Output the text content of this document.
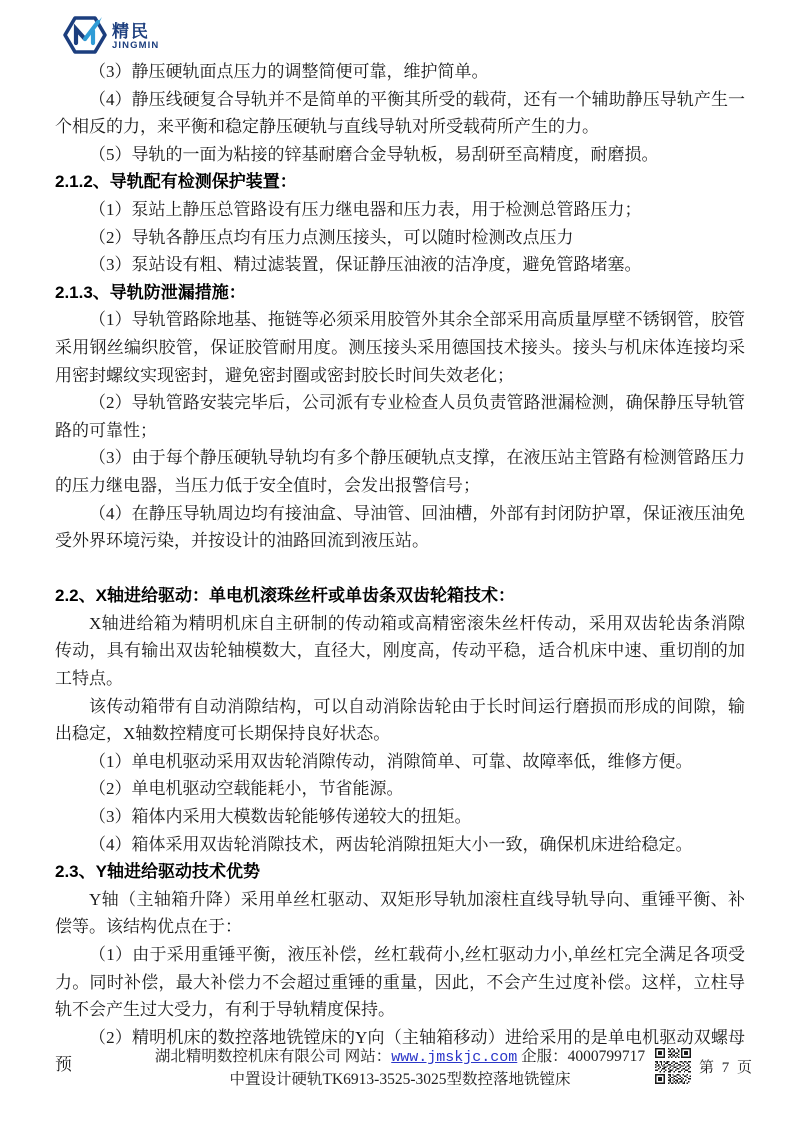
精民
JINGMIN

（3）静压硬轨面点压力的调整简便可靠，维护简单。

（4）静压线硬复合导轨并不是简单的平衡其所受的载荷，还有一个辅助静压导轨产生一个相反的力，来平衡和稳定静压硬轨与直线导轨对所受载荷所产生的力。

（5）导轨的一面为粘接的锌基耐磨合金导轨板，易刮研至高精度，耐磨损。

2.1.2、导轨配有检测保护装置：

（1）泵站上静压总管路设有压力继电器和压力表，用于检测总管路压力；

（2）导轨各静压点均有压力点测压接头，可以随时检测改点压力

（3）泵站设有粗、精过滤装置，保证静压油液的洁净度，避免管路堵塞。

2.1.3、导轨防泄漏措施：

（1）导轨管路除地基、拖链等必须采用胶管外其余全部采用高质量厚壁不锈钢管，胶管采用钢丝编织胶管，保证胶管耐用度。测压接头采用德国技术接头。接头与机床体连接均采用密封螺纹实现密封，避免密封圈或密封胶长时间失效老化；

（2）导轨管路安装完毕后，公司派有专业检查人员负责管路泄漏检测，确保静压导轨管路的可靠性；

（3）由于每个静压硬轨导轨均有多个静压硬轨点支撑，在液压站主管路有检测管路压力的压力继电器，当压力低于安全值时，会发出报警信号；

（4）在静压导轨周边均有接油盒、导油管、回油槽，外部有封闭防护罩，保证液压油免受外界环境污染，并按设计的油路回流到液压站。

2.2、X轴进给驱动：单电机滚珠丝杆或单齿条双齿轮箱技术：

X轴进给箱为精明机床自主研制的传动箱或高精密滚朱丝杆传动，采用双齿轮齿条消隙传动，具有输出双齿轮轴模数大，直径大，刚度高，传动平稳，适合机床中速、重切削的加工特点。

该传动箱带有自动消隙结构，可以自动消除齿轮由于长时间运行磨损而形成的间隙，输出稳定，X轴数控精度可长期保持良好状态。

（1）单电机驱动采用双齿轮消隙传动，消隙简单、可靠、故障率低，维修方便。

（2）单电机驱动空载能耗小，节省能源。

（3）箱体内采用大模数齿轮能够传递较大的扭矩。

（4）箱体采用双齿轮消隙技术，两齿轮消隙扭矩大小一致，确保机床进给稳定。

2.3、Y轴进给驱动技术优势

Y轴（主轴箱升降）采用单丝杠驱动、双矩形导轨加滚柱直线导轨导向、重锤平衡、补偿等。该结构优点在于：

（1）由于采用重锤平衡，液压补偿，丝杠载荷小,丝杠驱动力小,单丝杠完全满足各项受力。同时补偿，最大补偿力不会超过重锤的重量，因此，不会产生过度补偿。这样，立柱导轨不会产生过大受力，有利于导轨精度保持。

（2）精明机床的数控落地铣镗床的Y向（主轴箱移动）进给采用的是单电机驱动双螺母预	湖北精明数控机床有限公司 网站：www.jmskjc.com 企服：4000799717
中置设计硬轨TK6913-3525-3025型数控落地铣镗床
第 7 页
